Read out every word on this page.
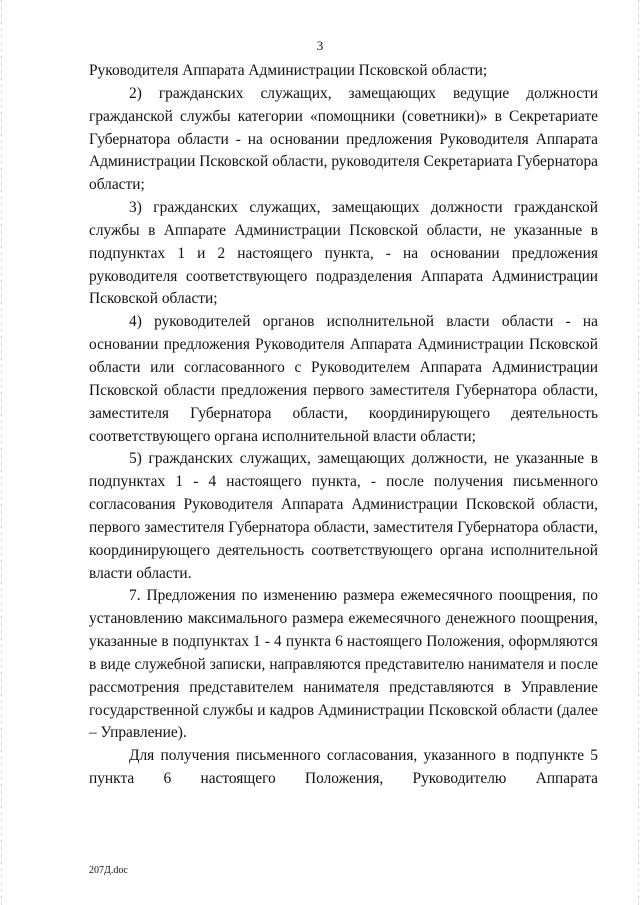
3

Руководителя Аппарата Администрации Псковской области;

2) гражданских служащих, замещающих ведущие должности гражданской службы категории «помощники (советники)» в Секретариате Губернатора области - на основании предложения Руководителя Аппарата Администрации Псковской области, руководителя Секретариата Губернатора области;

3) гражданских служащих, замещающих должности гражданской службы в Аппарате Администрации Псковской области, не указанные в подпунктах 1 и 2 настоящего пункта, - на основании предложения руководителя соответствующего подразделения Аппарата Администрации Псковской области;

4) руководителей органов исполнительной власти области - на основании предложения Руководителя Аппарата Администрации Псковской области или согласованного с Руководителем Аппарата Администрации Псковской области предложения первого заместителя Губернатора области, заместителя Губернатора области, координирующего деятельность соответствующего органа исполнительной власти области;

5) гражданских служащих, замещающих должности, не указанные в подпунктах 1 - 4 настоящего пункта, - после получения письменного согласования Руководителя Аппарата Администрации Псковской области, первого заместителя Губернатора области, заместителя Губернатора области, координирующего деятельность соответствующего органа исполнительной власти области.

7. Предложения по изменению размера ежемесячного поощрения, по установлению максимального размера ежемесячного денежного поощрения, указанные в подпунктах 1 - 4 пункта 6 настоящего Положения, оформляются в виде служебной записки, направляются представителю нанимателя и после рассмотрения представителем нанимателя представляются в Управление государственной службы и кадров Администрации Псковской области (далее – Управление).

Для получения письменного согласования, указанного в подпункте 5 пункта 6 настоящего Положения, Руководителю Аппарата

207Д.doc
